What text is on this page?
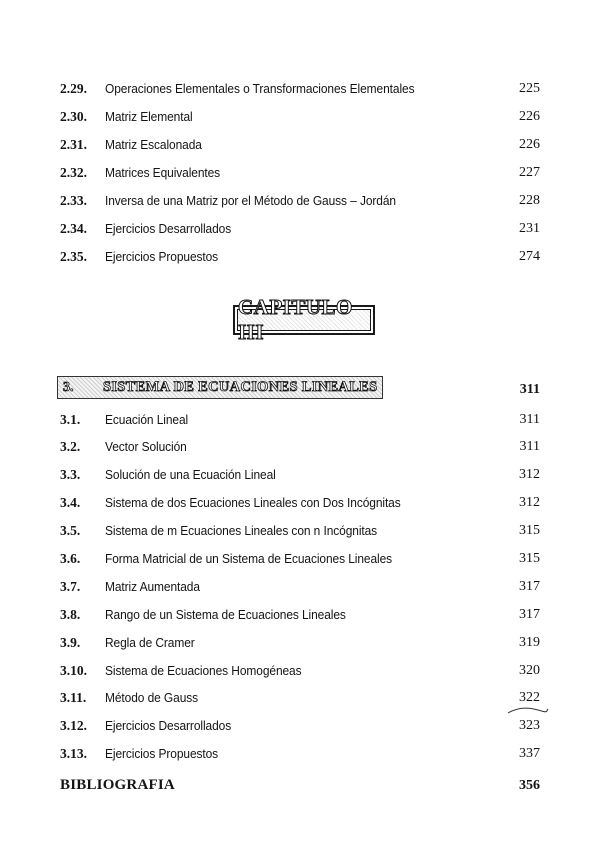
2.29. Operaciones Elementales o Transformaciones Elementales	225
2.30. Matriz Elemental	226
2.31. Matriz Escalonada	226
2.32. Matrices Equivalentes	227
2.33. Inversa de una Matriz por el Método de Gauss – Jordán	228
2.34. Ejercicios Desarrollados	231
2.35. Ejercicios Propuestos	274
CAPITULO III
3. SISTEMA DE ECUACIONES LINEALES	311
3.1. Ecuación Lineal	311
3.2. Vector Solución	311
3.3. Solución de una Ecuación Lineal	312
3.4. Sistema de dos Ecuaciones Lineales con Dos Incógnitas	312
3.5. Sistema de m Ecuaciones Lineales con n Incógnitas	315
3.6. Forma Matricial de un Sistema de Ecuaciones Lineales	315
3.7. Matriz Aumentada	317
3.8. Rango de un Sistema de Ecuaciones Lineales	317
3.9. Regla de Cramer	319
3.10. Sistema de Ecuaciones Homogéneas	320
3.11. Método de Gauss	322
3.12. Ejercicios Desarrollados	323
3.13. Ejercicios Propuestos	337
BIBLIOGRAFIA	356
